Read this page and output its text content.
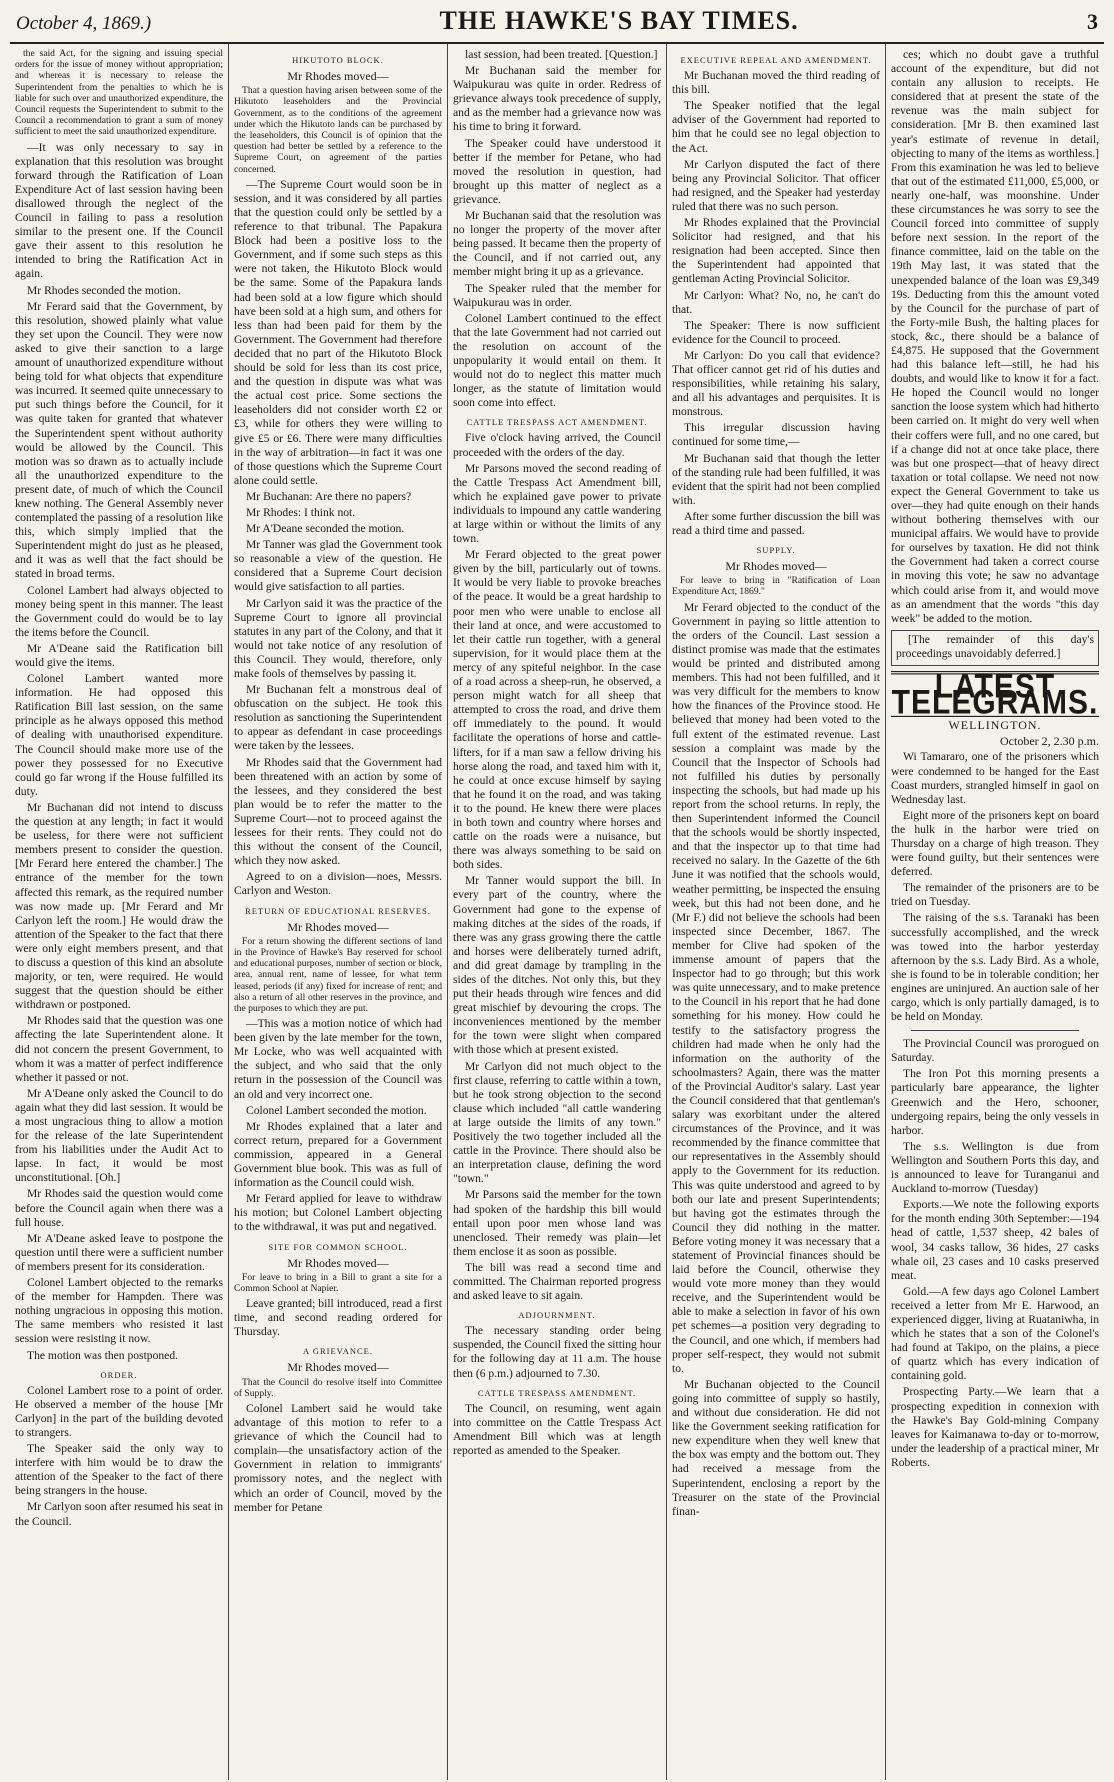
October 4, 1869.)	THE HAWKE'S BAY TIMES.	3

the said Act, for the signing and issuing special orders for the issue of money without appropriation; and whereas it is necessary to release the Superintendent from the penalties to which he is liable for such over and unauthorized expenditure, the Council requests the Superintendent to submit to the Council a recommendation to grant a sum of money sufficient to meet the said unauthorized expenditure.

—It was only necessary to say in explanation that this resolution was brought forward through the Ratification of Loan Expenditure Act of last session having been disallowed through the neglect of the Council in failing to pass a resolution similar to the present one. If the Council gave their assent to this resolution he intended to bring the Ratification Act in again.

Mr Rhodes seconded the motion.

Mr Ferard said that the Government, by this resolution, showed plainly what value they set upon the Council. They were now asked to give their sanction to a large amount of unauthorized expenditure without being told for what objects that expenditure was incurred. It seemed quite unnecessary to put such things before the Council, for it was quite taken for granted that whatever the Superintendent spent without authority would be allowed by the Council. This motion was so drawn as to actually include all the unauthorized expenditure to the present date, of much of which the Council knew nothing. The General Assembly never contemplated the passing of a resolution like this, which simply implied that the Superintendent might do just as he pleased, and it was as well that the fact should be stated in broad terms.

Colonel Lambert had always objected to money being spent in this manner. The least the Government could do would be to lay the items before the Council.

Mr A'Deane said the Ratification bill would give the items.

Colonel Lambert wanted more information. He had opposed this Ratification Bill last session, on the same principle as he always opposed this method of dealing with unauthorised expenditure. The Council should make more use of the power they possessed for no Executive could go far wrong if the House fulfilled its duty.

Mr Buchanan did not intend to discuss the question at any length; in fact it would be useless, for there were not sufficient members present to consider the question. [Mr Ferard here entered the chamber.] The entrance of the member for the town affected this remark, as the required number was now made up. [Mr Ferard and Mr Carlyon left the room.] He would draw the attention of the Speaker to the fact that there were only eight members present, and that to discuss a question of this kind an absolute majority, or ten, were required. He would suggest that the question should be either withdrawn or postponed.

Mr Rhodes said that the question was one affecting the late Superintendent alone. It did not concern the present Government, to whom it was a matter of perfect indifference whether it passed or not.

Mr A'Deane only asked the Council to do again what they did last session. It would be a most ungracious thing to allow a motion for the release of the late Superintendent from his liabilities under the Audit Act to lapse. In fact, it would be most unconstitutional. [Oh.]

Mr Rhodes said the question would come before the Council again when there was a full house.

Mr A'Deane asked leave to postpone the question until there were a sufficient number of members present for its consideration.

Colonel Lambert objected to the remarks of the member for Hampden. There was nothing ungracious in opposing this motion. The same members who resisted it last session were resisting it now.

The motion was then postponed.

ORDER.

Colonel Lambert rose to a point of order. He observed a member of the house [Mr Carlyon] in the part of the building devoted to strangers.

The Speaker said the only way to interfere with him would be to draw the attention of the Speaker to the fact of there being strangers in the house.

Mr Carlyon soon after resumed his seat in the Council.

HIKUTOTO BLOCK.

Mr Rhodes moved—

That a question having arisen between some of the Hikutoto leaseholders and the Provincial Government, as to the conditions of the agreement under which the Hikutoto lands can be purchased by the leaseholders, this Council is of opinion that the question had better be settled by a reference to the Supreme Court, on agreement of the parties concerned.

—The Supreme Court would soon be in session, and it was considered by all parties that the question could only be settled by a reference to that tribunal. The Papakura Block had been a positive loss to the Government, and if some such steps as this were not taken, the Hikutoto Block would be the same. Some of the Papakura lands had been sold at a low figure which should have been sold at a high sum, and others for less than had been paid for them by the Government. The Government had therefore decided that no part of the Hikutoto Block should be sold for less than its cost price, and the question in dispute was what was the actual cost price. Some sections the leaseholders did not consider worth £2 or £3, while for others they were willing to give £5 or £6. There were many difficulties in the way of arbitration—in fact it was one of those questions which the Supreme Court alone could settle.

Mr Buchanan: Are there no papers?

Mr Rhodes: I think not.

Mr A'Deane seconded the motion.

Mr Tanner was glad the Government took so reasonable a view of the question. He considered that a Supreme Court decision would give satisfaction to all parties.

Mr Carlyon said it was the practice of the Supreme Court to ignore all provincial statutes in any part of the Colony, and that it would not take notice of any resolution of this Council. They would, therefore, only make fools of themselves by passing it.

Mr Buchanan felt a monstrous deal of obfuscation on the subject. He took this resolution as sanctioning the Superintendent to appear as defendant in case proceedings were taken by the lessees.

Mr Rhodes said that the Government had been threatened with an action by some of the lessees, and they considered the best plan would be to refer the matter to the Supreme Court—not to proceed against the lessees for their rents. They could not do this without the consent of the Council, which they now asked.

Agreed to on a division—noes, Messrs. Carlyon and Weston.

RETURN OF EDUCATIONAL RESERVES.

Mr Rhodes moved—

For a return showing the different sections of land in the Province of Hawke's Bay reserved for school and educational purposes, number of section or block, area, annual rent, name of lessee, for what term leased, periods (if any) fixed for increase of rent; and also a return of all other reserves in the province, and the purposes to which they are put.

—This was a motion notice of which had been given by the late member for the town, Mr Locke, who was well acquainted with the subject, and who said that the only return in the possession of the Council was an old and very incorrect one.

Colonel Lambert seconded the motion.

Mr Rhodes explained that a later and correct return, prepared for a Government commission, appeared in a General Government blue book. This was as full of information as the Council could wish.

Mr Ferard applied for leave to withdraw his motion; but Colonel Lambert objecting to the withdrawal, it was put and negatived.

SITE FOR COMMON SCHOOL.

Mr Rhodes moved—

For leave to bring in a Bill to grant a site for a Common School at Napier.

Leave granted; bill introduced, read a first time, and second reading ordered for Thursday.

A GRIEVANCE.

Mr Rhodes moved—

That the Council do resolve itself into Committee of Supply.

Colonel Lambert said he would take advantage of this motion to refer to a grievance of which the Council had to complain—the unsatisfactory action of the Government in relation to immigrants' promissory notes, and the neglect with which an order of Council, moved by the member for Petane

last session, had been treated. [Question.]

Mr Buchanan said the member for Waipukurau was quite in order. Redress of grievance always took precedence of supply, and as the member had a grievance now was his time to bring it forward.

The Speaker could have understood it better if the member for Petane, who had moved the resolution in question, had brought up this matter of neglect as a grievance.

Mr Buchanan said that the resolution was no longer the property of the mover after being passed. It became then the property of the Council, and if not carried out, any member might bring it up as a grievance.

The Speaker ruled that the member for Waipukurau was in order.

Colonel Lambert continued to the effect that the late Government had not carried out the resolution on account of the unpopularity it would entail on them. It would not do to neglect this matter much longer, as the statute of limitation would soon come into effect.

CATTLE TRESPASS ACT AMENDMENT.

Five o'clock having arrived, the Council proceeded with the orders of the day.

Mr Parsons moved the second reading of the Cattle Trespass Act Amendment bill, which he explained gave power to private individuals to impound any cattle wandering at large within or without the limits of any town.

Mr Ferard objected to the great power given by the bill, particularly out of towns. It would be very liable to provoke breaches of the peace. It would be a great hardship to poor men who were unable to enclose all their land at once, and were accustomed to let their cattle run together, with a general supervision, for it would place them at the mercy of any spiteful neighbor. In the case of a road across a sheep-run, he observed, a person might watch for all sheep that attempted to cross the road, and drive them off immediately to the pound. It would facilitate the operations of horse and cattle-lifters, for if a man saw a fellow driving his horse along the road, and taxed him with it, he could at once excuse himself by saying that he found it on the road, and was taking it to the pound. He knew there were places in both town and country where horses and cattle on the roads were a nuisance, but there was always something to be said on both sides.

Mr Tanner would support the bill. In every part of the country, where the Government had gone to the expense of making ditches at the sides of the roads, if there was any grass growing there the cattle and horses were deliberately turned adrift, and did great damage by trampling in the sides of the ditches. Not only this, but they put their heads through wire fences and did great mischief by devouring the crops. The inconveniences mentioned by the member for the town were slight when compared with those which at present existed.

Mr Carlyon did not much object to the first clause, referring to cattle within a town, but he took strong objection to the second clause which included "all cattle wandering at large outside the limits of any town." Positively the two together included all the cattle in the Province. There should also be an interpretation clause, defining the word "town."

Mr Parsons said the member for the town had spoken of the hardship this bill would entail upon poor men whose land was unenclosed. Their remedy was plain—let them enclose it as soon as possible.

The bill was read a second time and committed. The Chairman reported progress and asked leave to sit again.

ADJOURNMENT.

The necessary standing order being suspended, the Council fixed the sitting hour for the following day at 11 a.m. The house then (6 p.m.) adjourned to 7.30.

CATTLE TRESPASS AMENDMENT.

The Council, on resuming, went again into committee on the Cattle Trespass Act Amendment Bill which was at length reported as amended to the Speaker.

EXECUTIVE REPEAL AND AMENDMENT.

Mr Buchanan moved the third reading of this bill.

The Speaker notified that the legal adviser of the Government had reported to him that he could see no legal objection to the Act.

Mr Carlyon disputed the fact of there being any Provincial Solicitor. That officer had resigned, and the Speaker had yesterday ruled that there was no such person.

Mr Rhodes explained that the Provincial Solicitor had resigned, and that his resignation had been accepted. Since then the Superintendent had appointed that gentleman Acting Provincial Solicitor.

Mr Carlyon: What? No, no, he can't do that.

The Speaker: There is now sufficient evidence for the Council to proceed.

Mr Carlyon: Do you call that evidence? That officer cannot get rid of his duties and responsibilities, while retaining his salary, and all his advantages and perquisites. It is monstrous.

This irregular discussion having continued for some time,—

Mr Buchanan said that though the letter of the standing rule had been fulfilled, it was evident that the spirit had not been complied with.

After some further discussion the bill was read a third time and passed.

SUPPLY.

Mr Rhodes moved—

For leave to bring in "Ratification of Loan Expenditure Act, 1869."

Mr Ferard objected to the conduct of the Government in paying so little attention to the orders of the Council. Last session a distinct promise was made that the estimates would be printed and distributed among members. This had not been fulfilled, and it was very difficult for the members to know how the finances of the Province stood. He believed that money had been voted to the full extent of the estimated revenue. Last session a complaint was made by the Council that the Inspector of Schools had not fulfilled his duties by personally inspecting the schools, but had made up his report from the school returns. In reply, the then Superintendent informed the Council that the schools would be shortly inspected, and that the inspector up to that time had received no salary. In the Gazette of the 6th June it was notified that the schools would, weather permitting, be inspected the ensuing week, but this had not been done, and he (Mr F.) did not believe the schools had been inspected since December, 1867. The member for Clive had spoken of the immense amount of papers that the Inspector had to go through; but this work was quite unnecessary, and to make pretence to the Council in his report that he had done something for his money. How could he testify to the satisfactory progress the children had made when he only had the information on the authority of the schoolmasters? Again, there was the matter of the Provincial Auditor's salary. Last year the Council considered that that gentleman's salary was exorbitant under the altered circumstances of the Province, and it was recommended by the finance committee that our representatives in the Assembly should apply to the Government for its reduction. This was quite understood and agreed to by both our late and present Superintendents; but having got the estimates through the Council they did nothing in the matter. Before voting money it was necessary that a statement of Provincial finances should be laid before the Council, otherwise they would vote more money than they would receive, and the Superintendent would be able to make a selection in favor of his own pet schemes—a position very degrading to the Council, and one which, if members had proper self-respect, they would not submit to.

Mr Buchanan objected to the Council going into committee of supply so hastily, and without due consideration. He did not like the Government seeking ratification for new expenditure when they well knew that the box was empty and the bottom out. They had received a message from the Superintendent, enclosing a report by the Treasurer on the state of the Provincial finan-

ces; which no doubt gave a truthful account of the expenditure, but did not contain any allusion to receipts. He considered that at present the state of the revenue was the main subject for consideration. [Mr B. then examined last year's estimate of revenue in detail, objecting to many of the items as worthless.] From this examination he was led to believe that out of the estimated £11,000, £5,000, or nearly one-half, was moonshine. Under these circumstances he was sorry to see the Council forced into committee of supply before next session. In the report of the finance committee, laid on the table on the 19th May last, it was stated that the unexpended balance of the loan was £9,349 19s. Deducting from this the amount voted by the Council for the purchase of part of the Forty-mile Bush, the halting places for stock, &c., there should be a balance of £4,875. He supposed that the Government had this balance left—still, he had his doubts, and would like to know it for a fact. He hoped the Council would no longer sanction the loose system which had hitherto been carried on. It might do very well when their coffers were full, and no one cared, but if a change did not at once take place, there was but one prospect—that of heavy direct taxation or total collapse. We need not now expect the General Government to take us over—they had quite enough on their hands without bothering themselves with our municipal affairs. We would have to provide for ourselves by taxation. He did not think the Government had taken a correct course in moving this vote; he saw no advantage which could arise from it, and would move as an amendment that the words "this day week" be added to the motion.

[The remainder of this day's proceedings unavoidably deferred.]

LATEST TELEGRAMS.

WELLINGTON.

October 2, 2.30 p.m.

Wi Tamararo, one of the prisoners which were condemned to be hanged for the East Coast murders, strangled himself in gaol on Wednesday last.

Eight more of the prisoners kept on board the hulk in the harbor were tried on Thursday on a charge of high treason. They were found guilty, but their sentences were deferred.

The remainder of the prisoners are to be tried on Tuesday.

The raising of the s.s. Taranaki has been successfully accomplished, and the wreck was towed into the harbor yesterday afternoon by the s.s. Lady Bird. As a whole, she is found to be in tolerable condition; her engines are uninjured. An auction sale of her cargo, which is only partially damaged, is to be held on Monday.

The Provincial Council was prorogued on Saturday.

The Iron Pot this morning presents a particularly bare appearance, the lighter Greenwich and the Hero, schooner, undergoing repairs, being the only vessels in harbor.

The s.s. Wellington is due from Wellington and Southern Ports this day, and is announced to leave for Turanganui and Auckland to-morrow (Tuesday)

Exports.—We note the following exports for the month ending 30th September:—194 head of cattle, 1,537 sheep, 42 bales of wool, 34 casks tallow, 36 hides, 27 casks whale oil, 23 cases and 10 casks preserved meat.

Gold.—A few days ago Colonel Lambert received a letter from Mr E. Harwood, an experienced digger, living at Ruataniwha, in which he states that a son of the Colonel's had found at Takipo, on the plains, a piece of quartz which has every indication of containing gold.

Prospecting Party.—We learn that a prospecting expedition in connexion with the Hawke's Bay Gold-mining Company leaves for Kaimanawa to-day or to-morrow, under the leadership of a practical miner, Mr Roberts.
